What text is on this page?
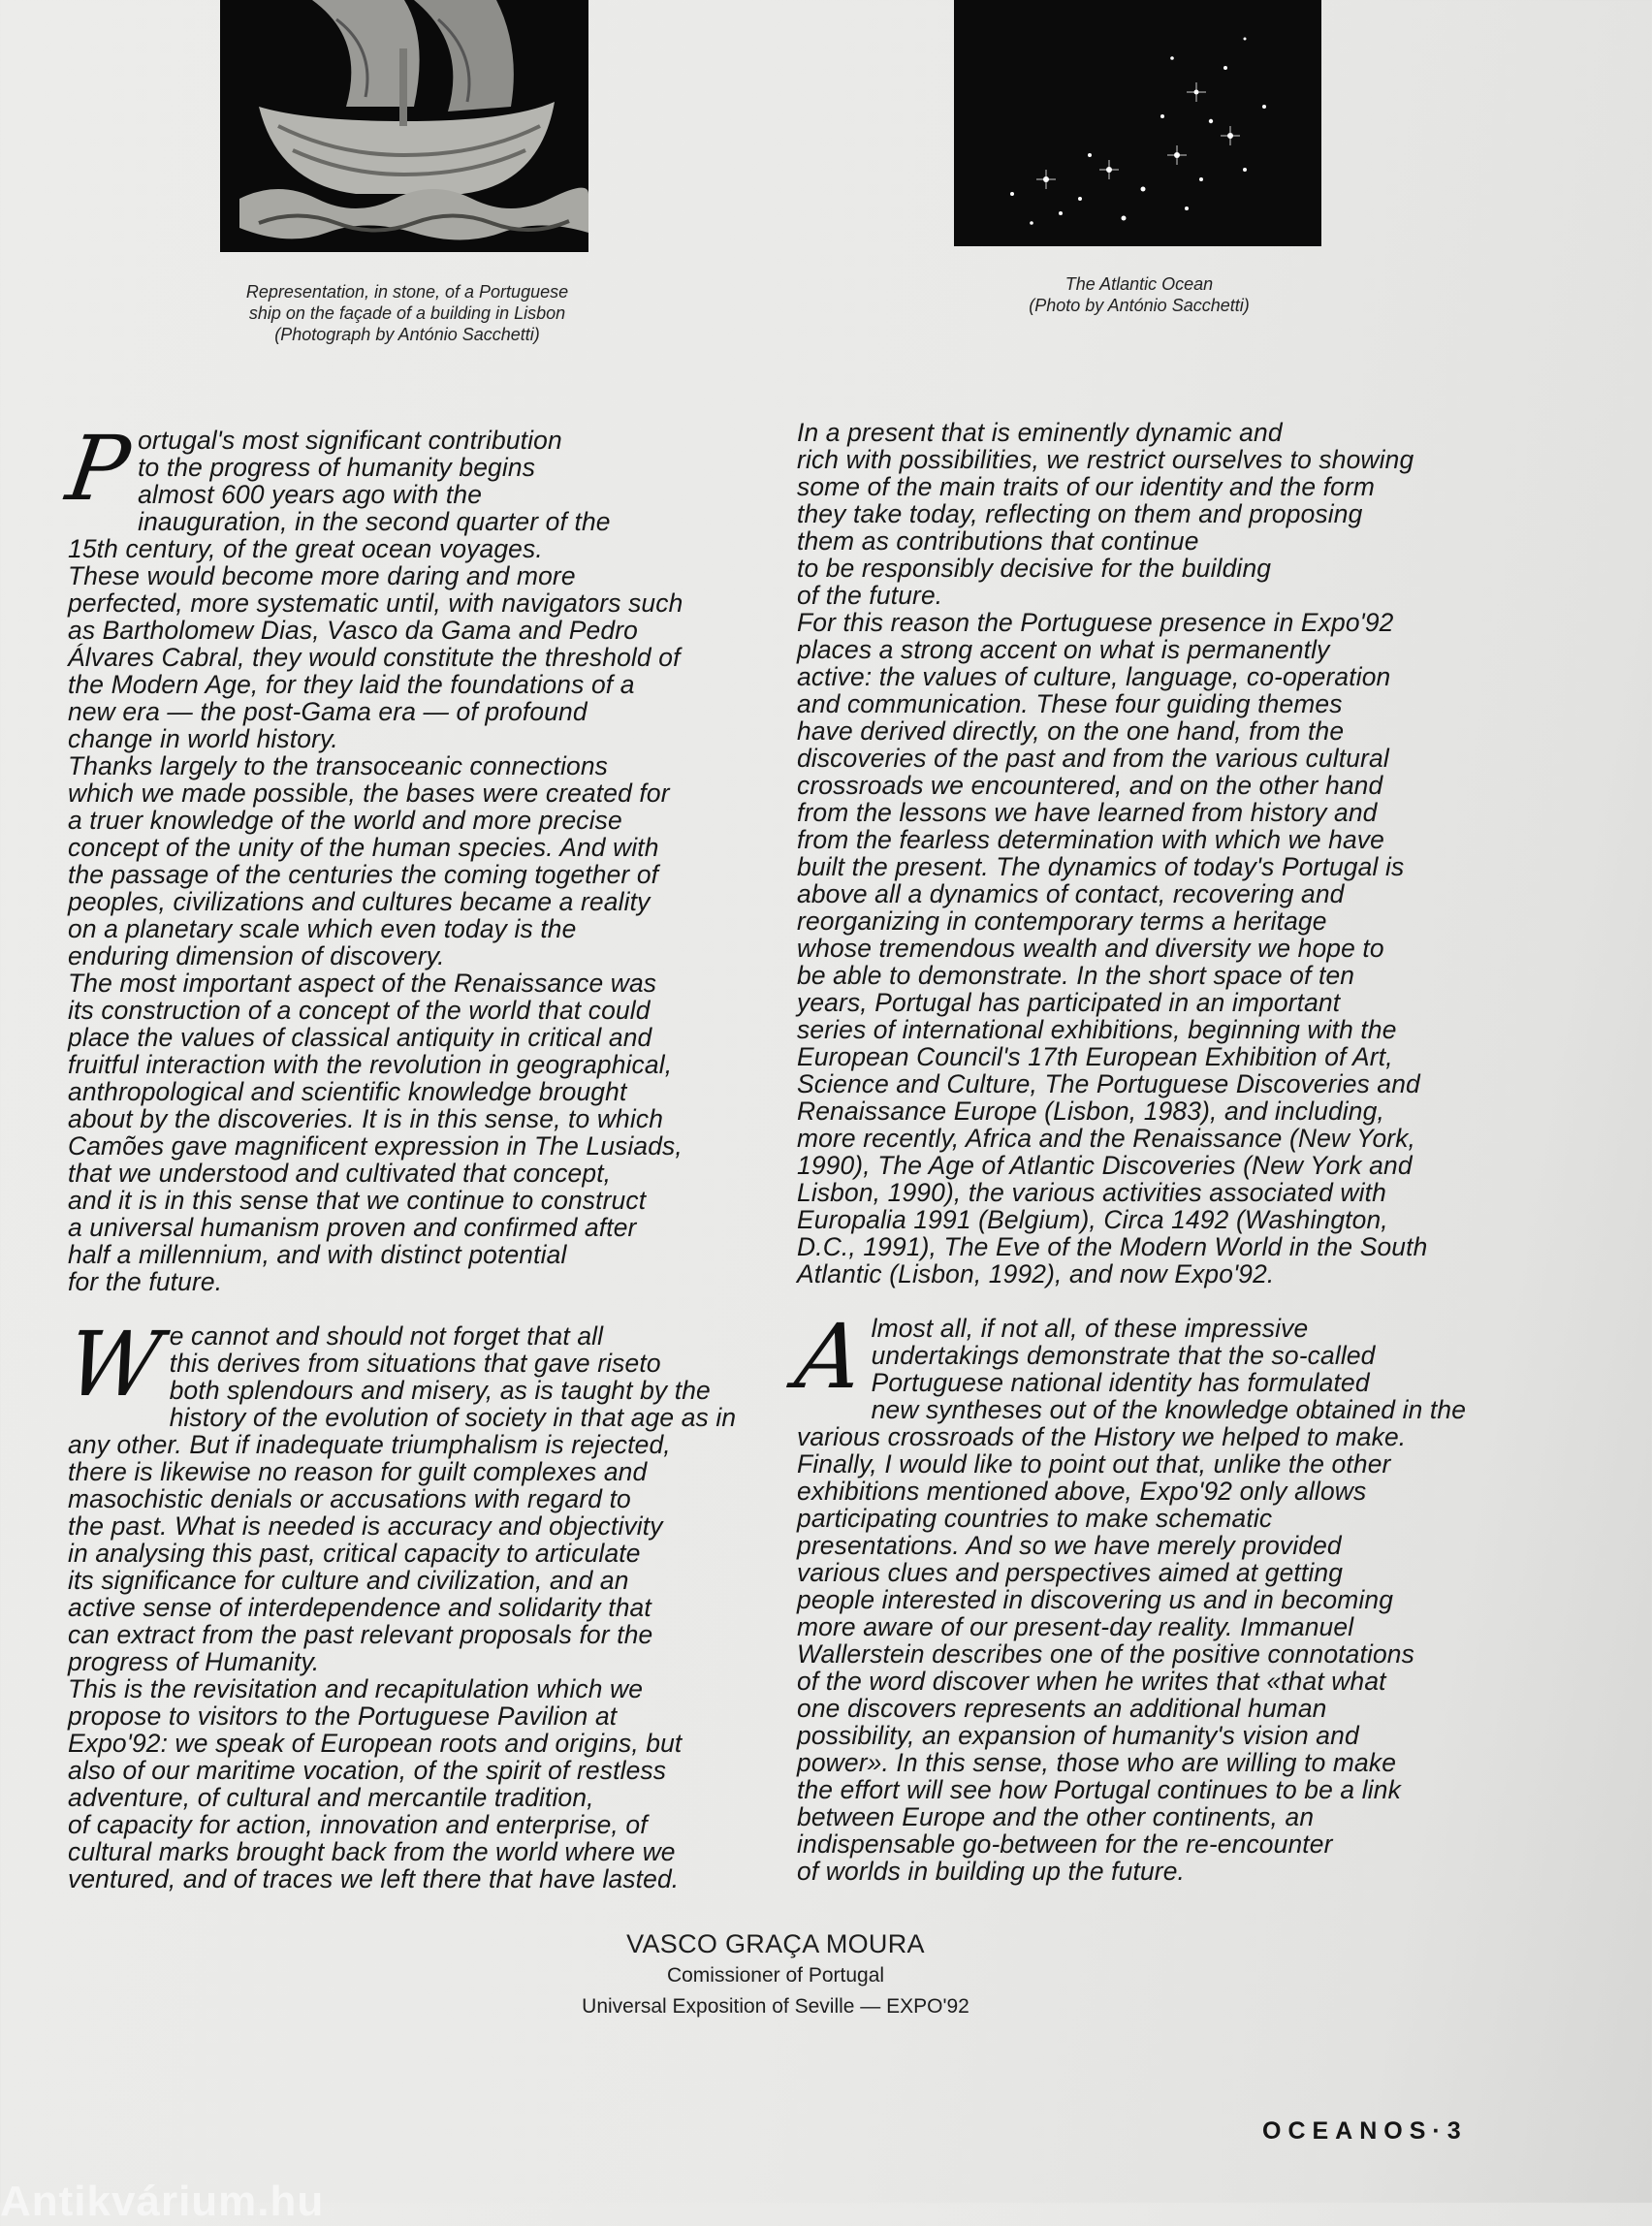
Representation, in stone, of a Portuguese
ship on the façade of a building in Lisbon
(Photograph by António Sacchetti)
The Atlantic Ocean
(Photo by António Sacchetti)

P ortugal's most significant contribution
to the progress of humanity begins
almost 600 years ago with the
inauguration, in the second quarter of the
15th century, of the great ocean voyages.
These would become more daring and more
perfected, more systematic until, with navigators such
as Bartholomew Dias, Vasco da Gama and Pedro
Álvares Cabral, they would constitute the threshold of
the Modern Age, for they laid the foundations of a
new era — the post-Gama era — of profound
change in world history.

Thanks largely to the transoceanic connections
which we made possible, the bases were created for
a truer knowledge of the world and more precise
concept of the unity of the human species. And with
the passage of the centuries the coming together of
peoples, civilizations and cultures became a reality
on a planetary scale which even today is the
enduring dimension of discovery.

The most important aspect of the Renaissance was
its construction of a concept of the world that could
place the values of classical antiquity in critical and
fruitful interaction with the revolution in geographical,
anthropological and scientific knowledge brought
about by the discoveries. It is in this sense, to which
Camões gave magnificent expression in The Lusiads,
that we understood and cultivated that concept,
and it is in this sense that we continue to construct
a universal humanism proven and confirmed after
half a millennium, and with distinct potential
for the future.

W e cannot and should not forget that all
this derives from situations that gave riseto
both splendours and misery, as is taught by the
history of the evolution of society in that age as in
any other. But if inadequate triumphalism is rejected,
there is likewise no reason for guilt complexes and
masochistic denials or accusations with regard to
the past. What is needed is accuracy and objectivity
in analysing this past, critical capacity to articulate
its significance for culture and civilization, and an
active sense of interdependence and solidarity that
can extract from the past relevant proposals for the
progress of Humanity.

This is the revisitation and recapitulation which we
propose to visitors to the Portuguese Pavilion at
Expo'92: we speak of European roots and origins, but
also of our maritime vocation, of the spirit of restless
adventure, of cultural and mercantile tradition,
of capacity for action, innovation and enterprise, of
cultural marks brought back from the world where we
ventured, and of traces we left there that have lasted.

In a present that is eminently dynamic and
rich with possibilities, we restrict ourselves to showing
some of the main traits of our identity and the form
they take today, reflecting on them and proposing
them as contributions that continue
to be responsibly decisive for the building
of the future.

For this reason the Portuguese presence in Expo'92
places a strong accent on what is permanently
active: the values of culture, language, co-operation
and communication. These four guiding themes
have derived directly, on the one hand, from the
discoveries of the past and from the various cultural
crossroads we encountered, and on the other hand
from the lessons we have learned from history and
from the fearless determination with which we have
built the present. The dynamics of today's Portugal is
above all a dynamics of contact, recovering and
reorganizing in contemporary terms a heritage
whose tremendous wealth and diversity we hope to
be able to demonstrate. In the short space of ten
years, Portugal has participated in an important
series of international exhibitions, beginning with the
European Council's 17th European Exhibition of Art,
Science and Culture, The Portuguese Discoveries and
Renaissance Europe (Lisbon, 1983), and including,
more recently, Africa and the Renaissance (New York,
1990), The Age of Atlantic Discoveries (New York and
Lisbon, 1990), the various activities associated with
Europalia 1991 (Belgium), Circa 1492 (Washington,
D.C., 1991), The Eve of the Modern World in the South
Atlantic (Lisbon, 1992), and now Expo'92.

A lmost all, if not all, of these impressive
undertakings demonstrate that the so-called
Portuguese national identity has formulated
new syntheses out of the knowledge obtained in the
various crossroads of the History we helped to make.
Finally, I would like to point out that, unlike the other
exhibitions mentioned above, Expo'92 only allows
participating countries to make schematic
presentations. And so we have merely provided
various clues and perspectives aimed at getting
people interested in discovering us and in becoming
more aware of our present-day reality. Immanuel
Wallerstein describes one of the positive connotations
of the word discover when he writes that «that what
one discovers represents an additional human
possibility, an expansion of humanity's vision and
power». In this sense, those who are willing to make
the effort will see how Portugal continues to be a link
between Europe and the other continents, an
indispensable go-between for the re-encounter
of worlds in building up the future.

VASCO GRAÇA MOURA
Comissioner of Portugal
Universal Exposition of Seville — EXPO'92
OCEANOS·3
Antikvárium.hu
